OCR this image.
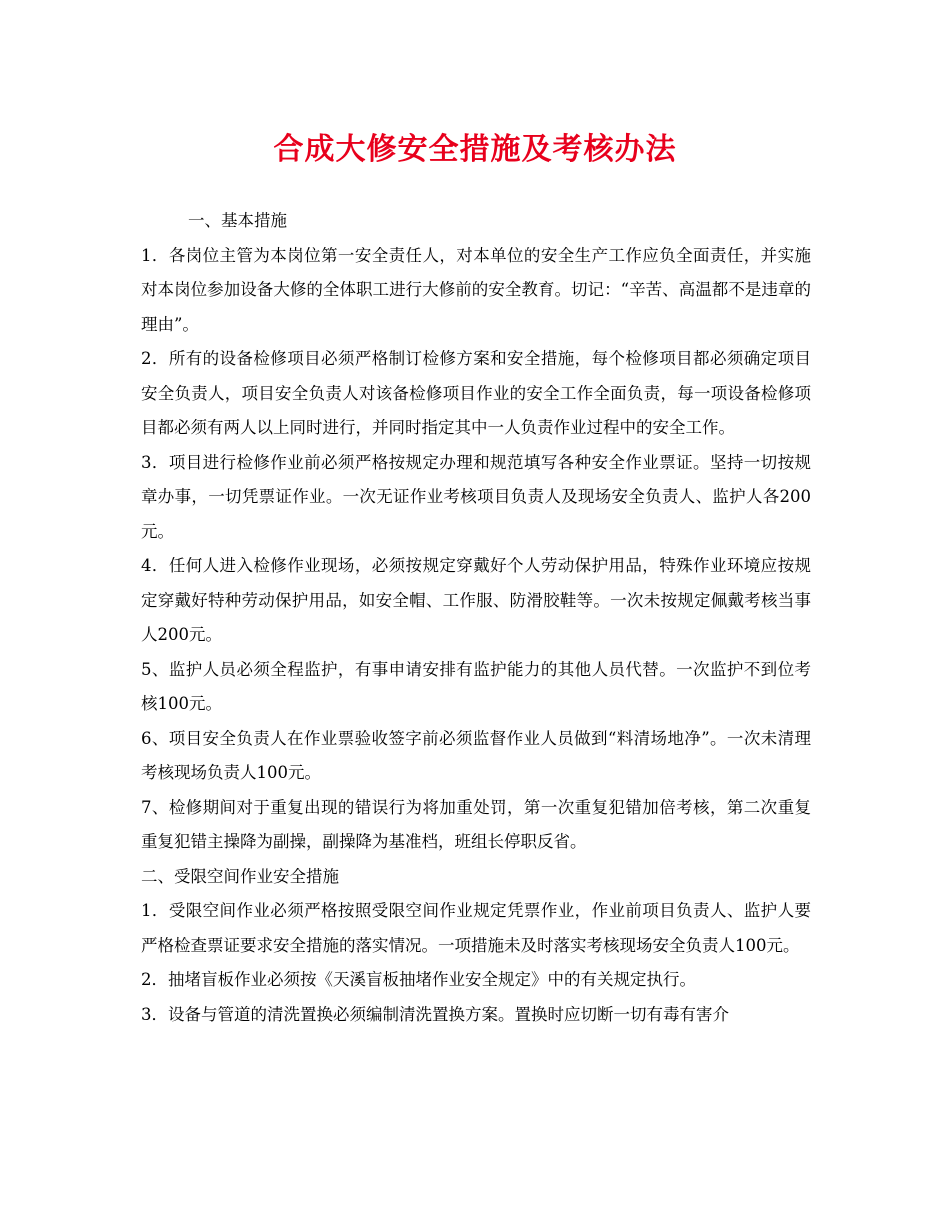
合成大修安全措施及考核办法

一、基本措施

1．各岗位主管为本岗位第一安全责任人，对本单位的安全生产工作应负全面责任，并实施对本岗位参加设备大修的全体职工进行大修前的安全教育。切记：“辛苦、高温都不是违章的理由”。

2．所有的设备检修项目必须严格制订检修方案和安全措施，每个检修项目都必须确定项目安全负责人，项目安全负责人对该备检修项目作业的安全工作全面负责，每一项设备检修项目都必须有两人以上同时进行，并同时指定其中一人负责作业过程中的安全工作。

3．项目进行检修作业前必须严格按规定办理和规范填写各种安全作业票证。坚持一切按规章办事，一切凭票证作业。一次无证作业考核项目负责人及现场安全负责人、监护人各200元。

4．任何人进入检修作业现场，必须按规定穿戴好个人劳动保护用品，特殊作业环境应按规定穿戴好特种劳动保护用品，如安全帽、工作服、防滑胶鞋等。一次未按规定佩戴考核当事人200元。

5、监护人员必须全程监护，有事申请安排有监护能力的其他人员代替。一次监护不到位考核100元。

6、项目安全负责人在作业票验收签字前必须监督作业人员做到“料清场地净”。一次未清理考核现场负责人100元。

7、检修期间对于重复出现的错误行为将加重处罚，第一次重复犯错加倍考核，第二次重复重复犯错主操降为副操，副操降为基准档，班组长停职反省。

二、受限空间作业安全措施

1．受限空间作业必须严格按照受限空间作业规定凭票作业，作业前项目负责人、监护人要严格检查票证要求安全措施的落实情况。一项措施未及时落实考核现场安全负责人100元。

2．抽堵盲板作业必须按《天溪盲板抽堵作业安全规定》中的有关规定执行。

3．设备与管道的清洗置换必须编制清洗置换方案。置换时应切断一切有毒有害介
